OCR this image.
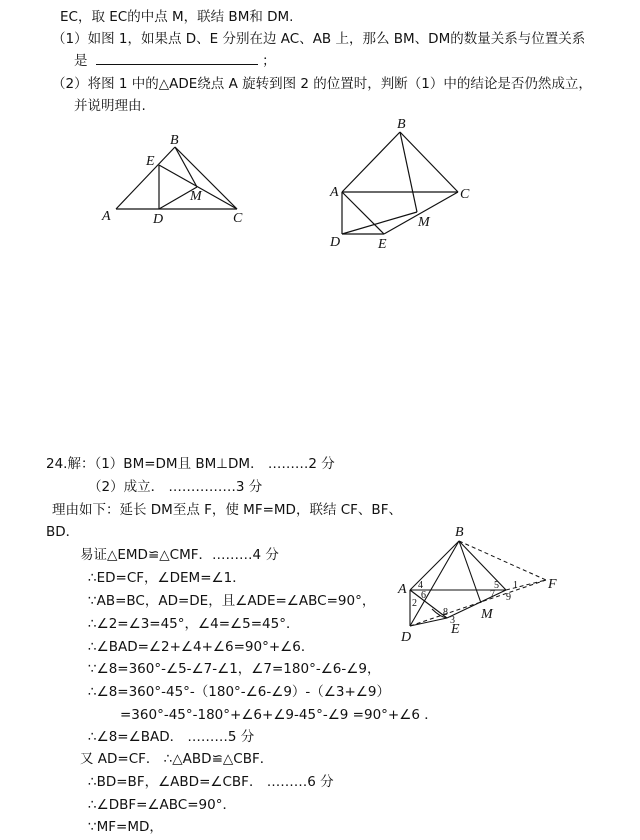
EC，取 EC的中点 M，联结 BM和 DM.
（1）如图 1，如果点 D、E 分别在边 AC、AB 上，那么 BM、DM的数量关系与位置关系
是	；
（2）将图 1 中的△ADE绕点 A 旋转到图 2 的位置时，判断（1）中的结论是否仍然成立，
并说明理由.
A
B
C
D
E
M	A
B
C
D	E
M
24.解：（1）BM=DM且 BM⊥DM． ………2 分
（2）成立． ……………3 分
理由如下：延长 DM至点 F，使 MF=MD，联结 CF、BF、
BD．
易证△EMD≌△CMF．………4 分
∴ED=CF，∠DEM=∠1．
∵AB=BC，AD=DE，且∠ADE=∠ABC=90°，
∴∠2=∠3=45°，∠4=∠5=45°．
∴∠BAD=∠2+∠4+∠6=90°+∠6．
∵∠8=360°-∠5-∠7-∠1，∠7=180°-∠6-∠9，
∴∠8=360°-45°-（180°-∠6-∠9）-（∠3+∠9）
=360°-45°-180°+∠6+∠9-45°-∠9 =90°+∠6 ．
∴∠8=∠BAD． ………5 分
又 AD=CF． ∴△ABD≌△CBF．
∴BD=BF，∠ABD=∠CBF． ………6 分
∴∠DBF=∠ABC=90°．
∵MF=MD，
A
B
D
E
M
F
1
2
3
4	5
6	7
8
9
